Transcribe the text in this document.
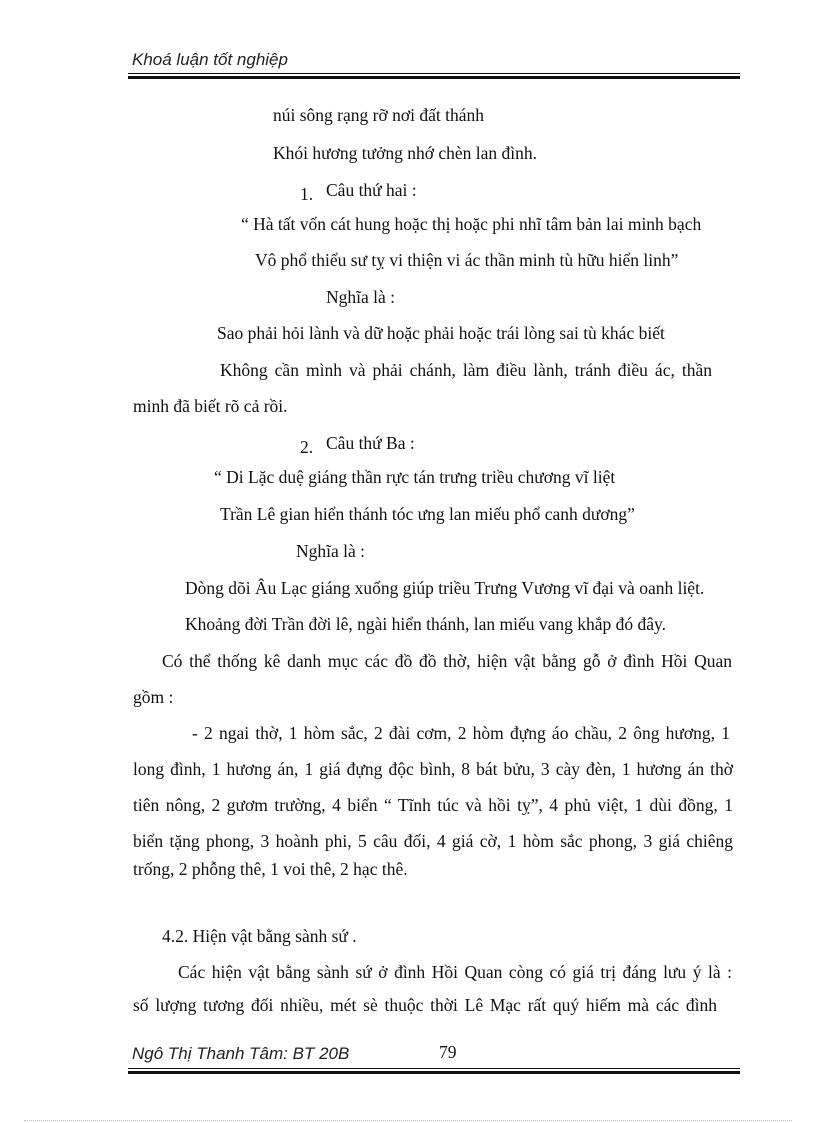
Khoá luận tốt nghiệp
núi sông rạng rỡ nơi đất thánh
Khói hương tưởng nhớ chèn lan đình.
1. Câu thứ hai :
“ Hà tất vốn cát hung hoặc thị hoặc phi nhĩ tâm bản lai minh bạch
Vô phổ thiểu sư tỵ vi thiện vi ác thần minh tù hữu hiển linh”
Nghĩa là :
Sao phải hỏi lành và dữ hoặc phải hoặc trái lòng sai tù khác biết
Không cần mình và phải chánh, làm điều lành, tránh điều ác, thần
minh đã biết rõ cả rồi.
2. Câu thứ Ba :
“ Di Lặc duệ giáng thần rực tán trưng triều chương vĩ liệt
Trần Lê gian hiển thánh tóc ưng lan miếu phổ canh dương”
Nghĩa là :
Dòng dõi Âu Lạc giáng xuống giúp triều Trưng Vương vĩ đại và oanh liệt.
Khoảng đời Trần đời lê, ngài hiển thánh, lan miếu vang khắp đó đây.
Có thể thống kê danh mục các đồ đồ thờ, hiện vật bằng gỗ ở đình Hồi Quan
gồm :
- 2 ngai thờ, 1 hòm sắc, 2 đài cơm, 2 hòm đựng áo chầu, 2 ông hương, 1
long đình, 1 hương án, 1 giá đựng độc bình, 8 bát bửu, 3 cày đèn, 1 hương án thờ
tiên nông, 2 gươm trường, 4 biển “ Tĩnh túc và hồi tỵ”, 4 phủ việt, 1 dùi đồng, 1
biển tặng phong, 3 hoành phi, 5 câu đối, 4 giá cờ, 1 hòm sắc phong, 3 giá chiêng
trống, 2 phỗng thê, 1 voi thê, 2 hạc thê.
4.2. Hiện vật bằng sành sứ .
Các hiện vật bằng sành sứ ở đình Hồi Quan còng có giá trị đáng lưu ý là :
số lượng tương đối nhiều, mét sè thuộc thời Lê Mạc rất quý hiếm mà các đình
Ngô Thị Thanh Tâm: BT 20B	79
